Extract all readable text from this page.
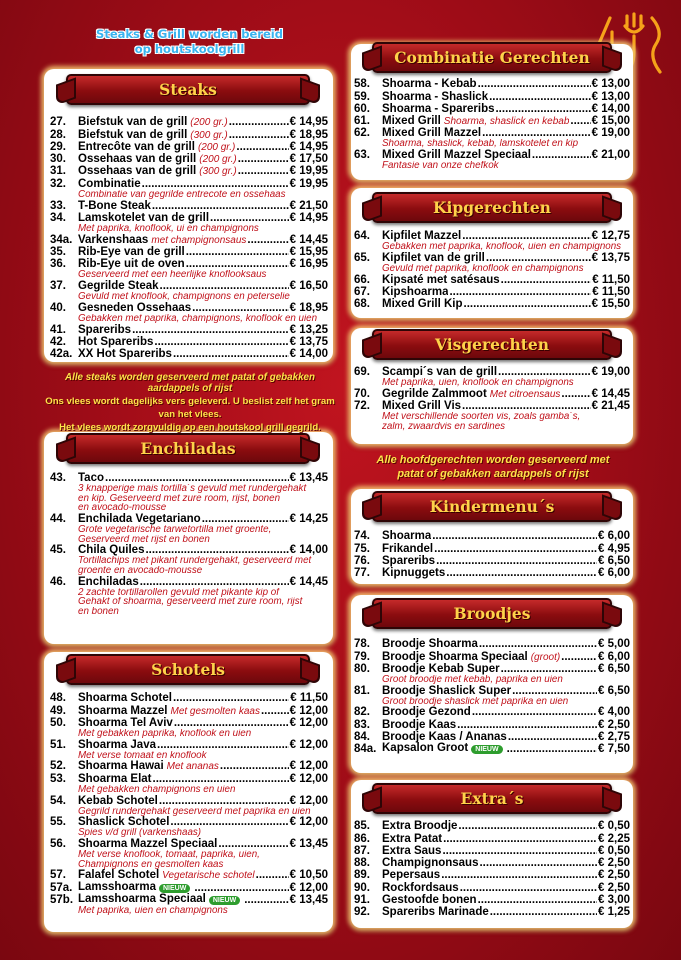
Steaks & Grill worden bereid
op houtskoolgrill
Steaks
Enchiladas
Schotels
Combinatie Gerechten
Kipgerechten
Visgerechten
Kindermenu´s
Broodjes
Extra´s
27.	Biefstuk van de grill (200 gr.) .....	€ 14,95
28.	Biefstuk van de grill (300 gr.) .....	€ 18,95
29.	Entrecôte van de grill (200 gr.) .....	€ 14,95
30.	Ossehaas van de grill (200 gr.) .....	€ 17,50
31.	Ossehaas van de grill (300 gr.) .....	€ 19,95
32.	Combinatie .....	€ 19,95
Combinatie van gegrilde entrecote en ossehaas
33.	T-Bone Steak .....	€ 21,50
34.	Lamskotelet van de grill .....	€ 14,95
Met paprika, knoflook, ui en champignons
34a. Varkenshaas met champignonsaus .....	€ 14,45
35.	Rib-Eye van de grill .....	€ 15,95
36.	Rib-Eye uit de oven .....	€ 16,95
Geserveerd met een heerlijke knoflooksaus
37.	Gegrilde Steak .....	€ 16,50
Gevuld met knoflook, champignons en peterselie
40.	Gesneden Ossehaas .....	€ 18,95
Gebakken met paprika, champignons, knoflook en uien
41.	Spareribs .....	€ 13,25
42.	Hot Spareribs .....	€ 13,75
42a. XX Hot Spareribs .....	€ 14,00
43.	Taco .....	€ 13,45
3 knapperige mais tortilla´s gevuld met rundergehakt
en kip. Geserveerd met zure room, rijst, bonen
en avocado-mousse
44.	Enchilada Vegetariano .....	€ 14,25
Grote vegetarische tarwetortilla met groente,
Geserveerd met rijst en bonen
45.	Chila Quiles .....	€ 14,00
Tortillachips met pikant rundergehakt, geserveerd met
groente en avocado-mousse
46.	Enchiladas .....	€ 14,45
2 zachte tortillarollen gevuld met pikante kip of
Gehakt of shoarma, geserveerd met zure room, rijst
en bonen
48.	Shoarma Schotel .....	€ 11,50
49.	Shoarma Mazzel Met gesmolten kaas .....	€ 12,00
50.	Shoarma Tel Aviv .....	€ 12,00
Met gebakken paprika, knoflook en uien
51.	Shoarma Java .....	€ 12,00
Met verse tomaat en knoflook
52.	Shoarma Hawai Met ananas .....	€ 12,00
53.	Shoarma Elat .....	€ 12,00
Met gebakken champignons en uien
54.	Kebab Schotel .....	€ 12,00
Gegrild rundergehakt geserveerd met paprika en uien
55.	Shaslick Schotel .....	€ 12,00
Spies v/d grill (varkenshaas)
56.	Shoarma Mazzel Speciaal .....	€ 13,45
Met verse knoflook, tomaat, paprika, uien,
Champignons en gesmolten kaas
57.	Falafel Schotel Vegetarische schotel .....	€ 10,50
57a. Lamsshoarma NIEUW .....	€ 12,00
57b. Lamsshoarma Speciaal NIEUW .....	€ 13,45
Met paprika, uien en champignons
58.	Shoarma - Kebab .....	€ 13,00
59.	Shoarma - Shaslick .....	€ 13,00
60.	Shoarma - Spareribs .....	€ 14,00
61.	Mixed Grill Shoarma, shaslick en kebab ..... € 15,00
62.	Mixed Grill Mazzel .....	€ 19,00
Shoarma, shaslick, kebab, lamskotelet en kip
63.	Mixed Grill Mazzel Speciaal .....	€ 21,00
Fantasie van onze chefkok
64.	Kipfilet Mazzel .....	€ 12,75
Gebakken met paprika, knoflook, uien en champignons
65.	Kipfilet van de grill .....	€ 13,75
Gevuld met paprika, knoflook en champignons
66.	Kipsaté met satésaus .....	€ 11,50
67.	Kipshoarma .....	€ 11,50
68.	Mixed Grill Kip .....	€ 15,50
69.	Scampi´s van de grill .....	€ 19,00
Met paprika, uien, knoflook en champignons
70.	Gegrilde Zalmmoot Met citroensaus .....	€ 14,45
72.	Mixed Grill Vis .....	€ 21,45
Met verschillende soorten vis, zoals gamba´s,
zalm, zwaardvis en sardines
74.	Shoarma .....	€ 6,00
75.	Frikandel .....	€ 4,95
76.	Spareribs .....	€ 6,50
77.	Kipnuggets .....	€ 6,00
78.	Broodje Shoarma .....	€ 5,00
79.	Broodje Shoarma Speciaal (groot) .....	€ 6,00
80.	Broodje Kebab Super .....	€ 6,50
Groot broodje met kebab, paprika en uien
81.	Broodje Shaslick Super .....	€ 6,50
Groot broodje shaslick met paprika en uien
82.	Broodje Gezond .....	€ 4,00
83.	Broodje Kaas .....	€ 2,50
84.	Broodje Kaas / Ananas .....	€ 2,75
84a. Kapsalon Groot NIEUW .....	€ 7,50
85.	Extra Broodje .....	€ 0,50
86.	Extra Patat .....	€ 2,25
87.	Extra Saus .....	€ 0,50
88.	Champignonsaus .....	€ 2,50
89.	Pepersaus .....	€ 2,50
90.	Rockfordsaus .....	€ 2,50
91.	Gestoofde bonen .....	€ 3,00
92.	Spareribs Marinade .....	€ 1,25
Alle steaks worden geserveerd met patat of gebakken aardappels of rijst
Ons vlees wordt dagelijks vers geleverd. U beslist zelf het gram van het vlees.
Het vlees wordt zorgvuldig op een houtskool grill gegrild.
Alle hoofdgerechten worden geserveerd met
patat of gebakken aardappels of rijst
